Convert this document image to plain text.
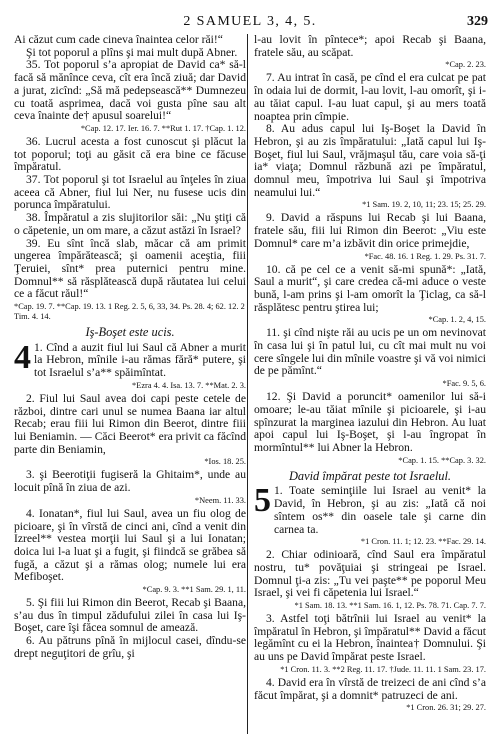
2 SAMUEL 3, 4, 5.	329

Ai căzut cum cade cineva înaintea celor răi!“

Şi tot poporul a plîns şi mai mult după Abner.

35. Tot poporul s’a apropiat de David ca* să-l facă să mănînce ceva, cît era încă ziuă; dar David a jurat, zicînd: „Să mă pedepsească** Dumnezeu cu toată asprimea, dacă voi gusta pîne sau alt ceva înainte de† apusul soarelui!“

*Cap. 12. 17. Ier. 16. 7. **Rut 1. 17. †Cap. 1. 12.

36. Lucrul acesta a fost cunoscut şi plăcut la tot poporul; toţi au găsit că era bine ce făcuse împăratul.

37. Tot poporul şi tot Israelul au înţeles în ziua aceea că Abner, fiul lui Ner, nu fusese ucis din porunca împăratului.

38. Împăratul a zis slujitorilor săi: „Nu ştiţi că o căpetenie, un om mare, a căzut astăzi în Israel?

39. Eu sînt încă slab, măcar că am primit ungerea împărătească; şi oamenii aceştia, fiii Ţeruiei, sînt* prea puternici pentru mine. Domnul** să răsplătească după răutatea lui celui ce a făcut răul!“

*Cap. 19. 7. **Cap. 19. 13. 1 Reg. 2. 5, 6, 33, 34. Ps. 28. 4; 62. 12. 2 Tim. 4. 14.
Iş-Boşet este ucis.
4 1. Cînd a auzit fiul lui Saul că Abner a murit la Hebron, mînile i-au rămas fără* putere, şi tot Israelul s’a** spăimîntat.

*Ezra 4. 4. Isa. 13. 7. **Mat. 2. 3.

2. Fiul lui Saul avea doi capi peste cetele de război, dintre cari unul se numea Baana iar altul Recab; erau fiii lui Rimon din Beerot, dintre fiii lui Beniamin. — Căci Beerot* era privit ca făcînd parte din Beniamin,

*Ios. 18. 25.

3. şi Beerotiţii fugiseră la Ghitaim*, unde au locuit pînă în ziua de azi.

*Neem. 11. 33.

4. Ionatan*, fiul lui Saul, avea un fiu olog de picioare, şi în vîrstă de cinci ani, cînd a venit din Izreel** vestea morţii lui Saul şi a lui Ionatan; doica lui l-a luat şi a fugit, şi fiindcă se grăbea să fugă, a căzut şi a rămas olog; numele lui era Mefiboşet.

*Cap. 9. 3. **1 Sam. 29. 1, 11.

5. Şi fiii lui Rimon din Beerot, Recab şi Baana, s’au dus în timpul zădufului zilei în casa lui Iş-Boşet, care îşi făcea somnul de amează.

6. Au pătruns pînă în mijlocul casei, dîndu-se drept neguţitori de grîu, şi

l-au lovit în pîntece*; apoi Recab şi Baana, fratele său, au scăpat.

*Cap. 2. 23.

7. Au intrat în casă, pe cînd el era culcat pe pat în odaia lui de dormit, l-au lovit, l-au omorît, şi i-au tăiat capul. I-au luat capul, şi au mers toată noaptea prin cîmpie.

8. Au adus capul lui Iş-Boşet la David în Hebron, şi au zis împăratului: „Iată capul lui Iş-Boşet, fiul lui Saul, vrăjmaşul tău, care voia să-ţi ia* viaţa; Domnul răzbună azi pe împăratul, domnul meu, împotriva lui Saul şi împotriva neamului lui.“

*1 Sam. 19. 2, 10, 11; 23. 15; 25. 29.

9. David a răspuns lui Recab şi lui Baana, fratele său, fiii lui Rimon din Beerot: „Viu este Domnul* care m’a izbăvit din orice primejdie,

*Fac. 48. 16. 1 Reg. 1. 29. Ps. 31. 7.

10. că pe cel ce a venit să-mi spună*: „Iată, Saul a murit“, şi care credea că-mi aduce o veste bună, l-am prins şi l-am omorît la Ţiclag, ca să-l răsplătesc pentru ştirea lui;

*Cap. 1. 2, 4, 15.

11. şi cînd nişte răi au ucis pe un om nevinovat în casa lui şi în patul lui, cu cît mai mult nu voi cere sîngele lui din mînile voastre şi vă voi nimici de pe pămînt.“

*Fac. 9. 5, 6.

12. Şi David a poruncit* oamenilor lui să-i omoare; le-au tăiat mînile şi picioarele, şi i-au spînzurat la marginea iazului din Hebron. Au luat apoi capul lui Iş-Boşet, şi l-au îngropat în mormîntul** lui Abner la Hebron.

*Cap. 1. 15. **Cap. 3. 32.
David împărat peste tot Israelul.
5 1. Toate seminţiile lui Israel au venit* la David, în Hebron, şi au zis: „Iată că noi sîntem os** din oasele tale şi carne din carnea ta.

*1 Cron. 11. 1; 12. 23. **Fac. 29. 14.

2. Chiar odinioară, cînd Saul era împăratul nostru, tu* povăţuiai şi stringeai pe Israel. Domnul ţi-a zis: „Tu vei paşte** pe poporul Meu Israel, şi vei fi căpetenia lui Israel.“

*1 Sam. 18. 13. **1 Sam. 16. 1, 12. Ps. 78. 71. Cap. 7. 7.

3. Astfel toţi bătrînii lui Israel au venit* la împăratul în Hebron, şi împăratul** David a făcut legămînt cu ei la Hebron, înaintea† Domnului. Şi au uns pe David împărat peste Israel.

*1 Cron. 11. 3. **2 Reg. 11. 17. †Jude. 11. 11. 1 Sam. 23. 17.

4. David era în vîrstă de treizeci de ani cînd s’a făcut împărat, şi a domnit* patruzeci de ani.

*1 Cron. 26. 31; 29. 27.
